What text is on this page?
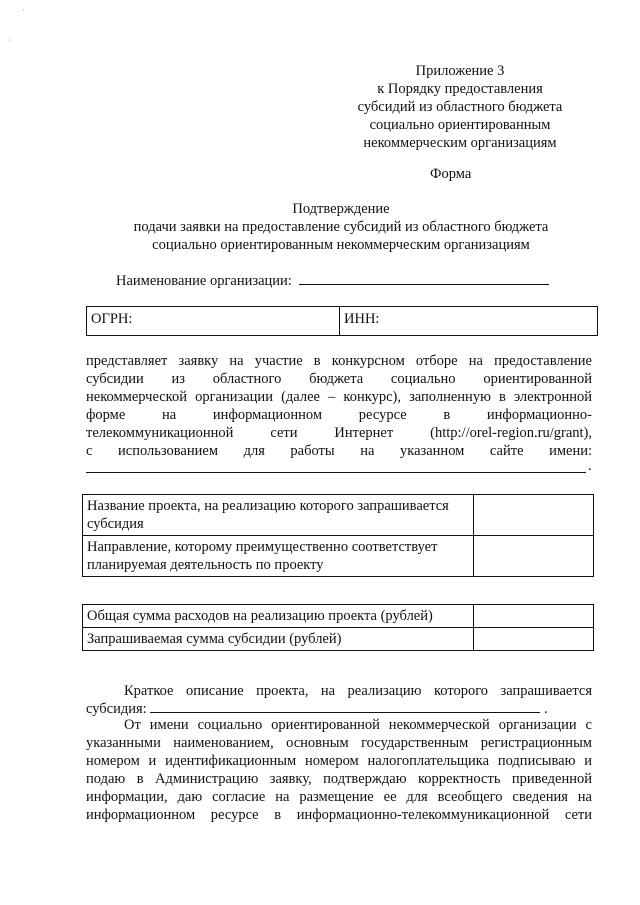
´
·
Приложение 3
к Порядку предоставления
субсидий из областного бюджета
социально ориентированным
некоммерческим организациям
Форма
Подтверждение
подачи заявки на предоставление субсидий из областного бюджета
социально ориентированным некоммерческим организациям
Наименование организации:
ОГРН:	ИНН:
представляет заявку на участие в конкурсном отборе на предоставление
субсидии из областного бюджета социально ориентированной
некоммерческой организации (далее – конкурс), заполненную в электронной
форме на информационном ресурсе в информационно-
телекоммуникационной сети Интернет (http://orel-region.ru/grant),
с использованием для работы на указанном сайте имени:
.
Название проекта, на реализацию которого запрашивается субсидия	
Направление, которому преимущественно соответствует планируемая деятельность по проекту	
Общая сумма расходов на реализацию проекта (рублей)	
Запрашиваемая сумма субсидии (рублей)	
Краткое описание проекта, на реализацию которого запрашивается
субсидия:	.
От имени социально ориентированной некоммерческой организации с
указанными наименованием, основным государственным регистрационным
номером и идентификационным номером налогоплательщика подписываю и
подаю в Администрацию заявку, подтверждаю корректность приведенной
информации, даю согласие на размещение ее для всеобщего сведения на
информационном ресурсе в информационно-телекоммуникационной сети
